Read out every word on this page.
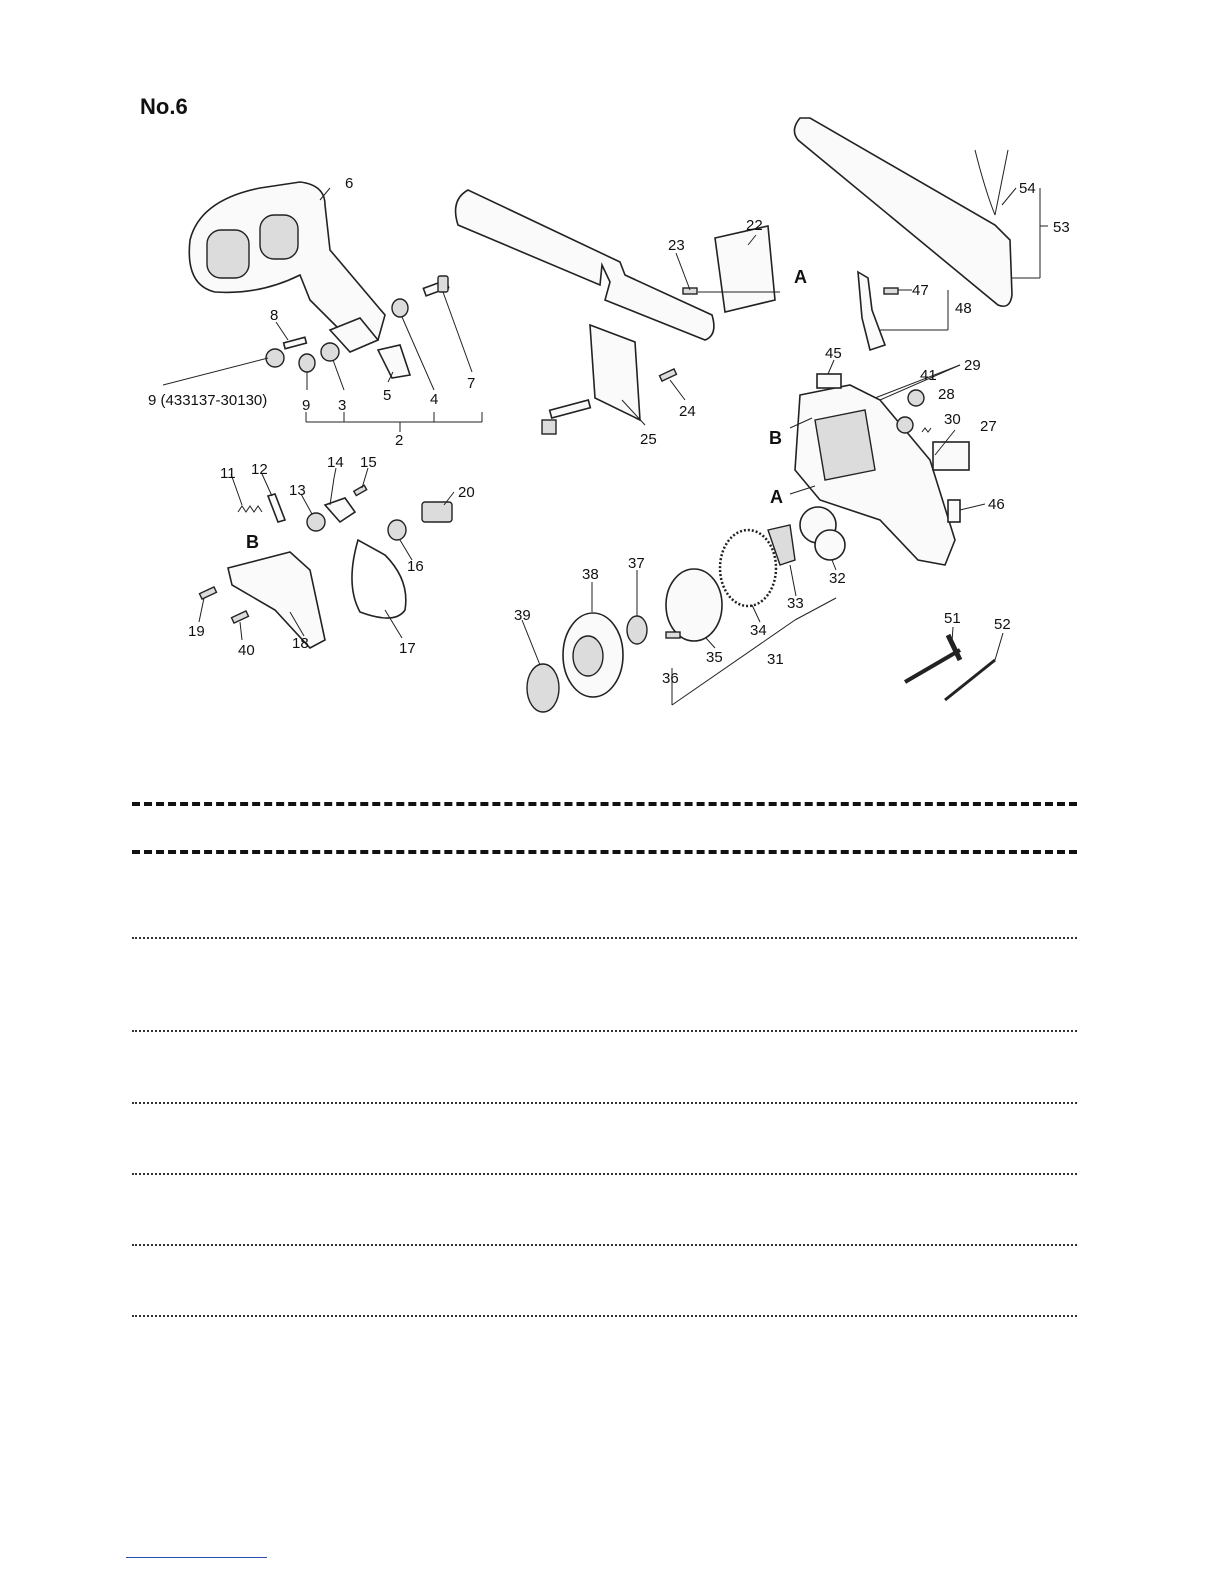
No.6
6
8
9 (433137-30130) 9 3
5	4
7
2
23
22
A
24
25
54
53
47
48
45
29
41
28
30 27
B
A	46
11 12	14 15
13	20
B
16
19
18
40	17
38
37
39
33
32
34
35	31
36
51 52
